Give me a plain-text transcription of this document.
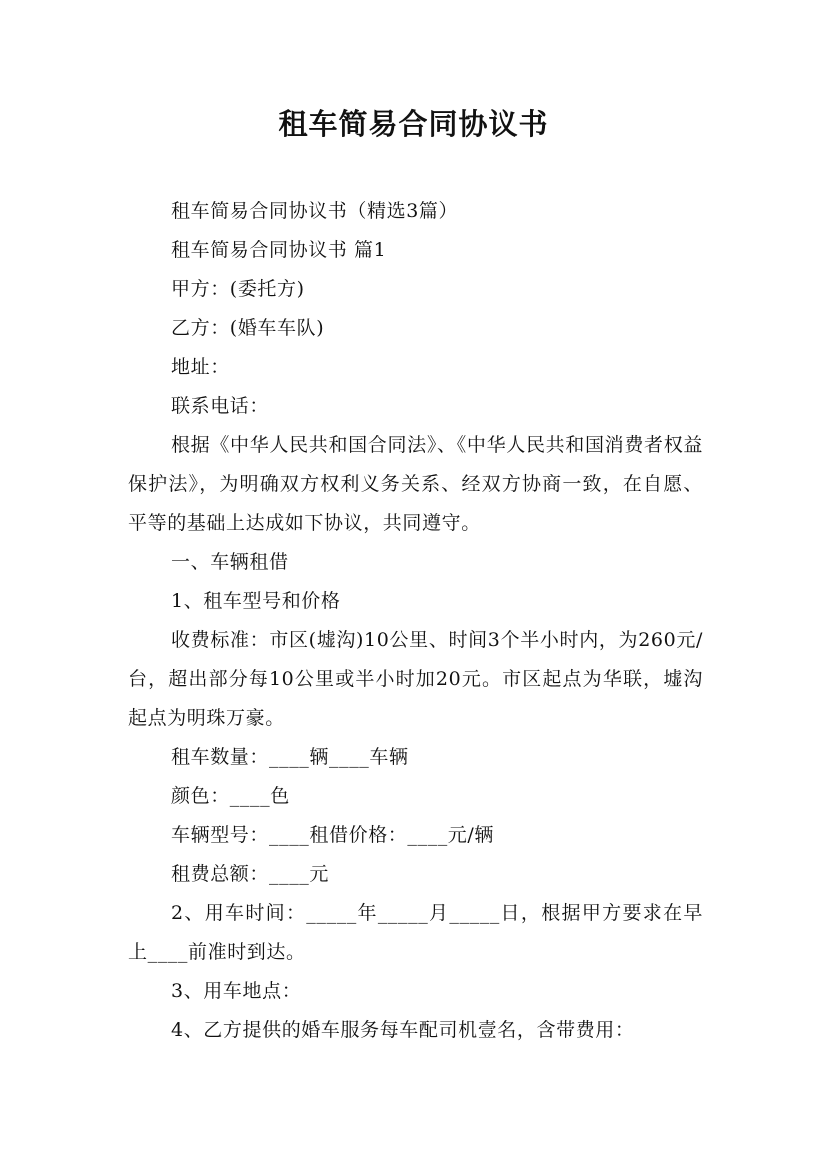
租车简易合同协议书
租车简易合同协议书（精选3篇）
租车简易合同协议书 篇1
甲方：(委托方)
乙方：(婚车车队)
地址：
联系电话：
根据《中华人民共和国合同法》、《中华人民共和国消费者权益保护法》，为明确双方权利义务关系、经双方协商一致，在自愿、平等的基础上达成如下协议，共同遵守。
一、车辆租借
1、租车型号和价格
收费标准：市区(墟沟)10公里、时间3个半小时内，为260元/台，超出部分每10公里或半小时加20元。市区起点为华联，墟沟起点为明珠万豪。
租车数量：____辆____车辆
颜色：____色
车辆型号：____租借价格：____元/辆
租费总额：____元
2、用车时间：_____年_____月_____日，根据甲方要求在早上____前准时到达。
3、用车地点：
4、乙方提供的婚车服务每车配司机壹名，含带费用：
